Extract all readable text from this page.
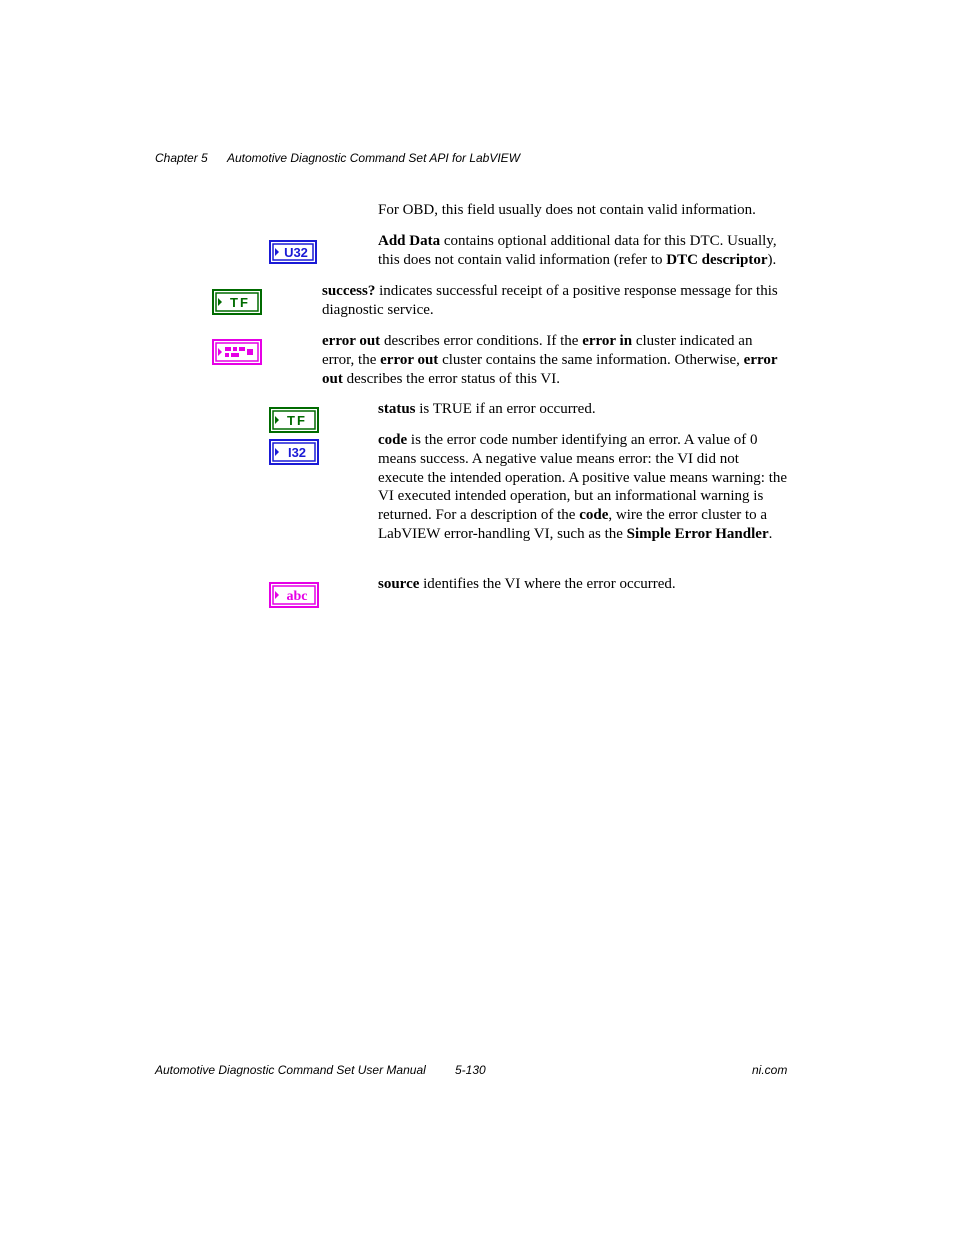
Chapter 5 Automotive Diagnostic Command Set API for LabVIEW
For OBD, this field usually does not contain valid information.
U32
Add Data contains optional additional data for this DTC. Usually, this does not contain valid information (refer to DTC descriptor).
TF
success? indicates successful receipt of a positive response message for this diagnostic service.
error out describes error conditions. If the error in cluster indicated an error, the error out cluster contains the same information. Otherwise, error out describes the error status of this VI.
TF
status is TRUE if an error occurred.
I32
code is the error code number identifying an error. A value of 0 means success. A negative value means error: the VI did not execute the intended operation. A positive value means warning: the VI executed intended operation, but an informational warning is returned. For a description of the code, wire the error cluster to a LabVIEW error-handling VI, such as the Simple Error Handler.
abc
source identifies the VI where the error occurred.
Automotive Diagnostic Command Set User Manual 5-130	ni.com
